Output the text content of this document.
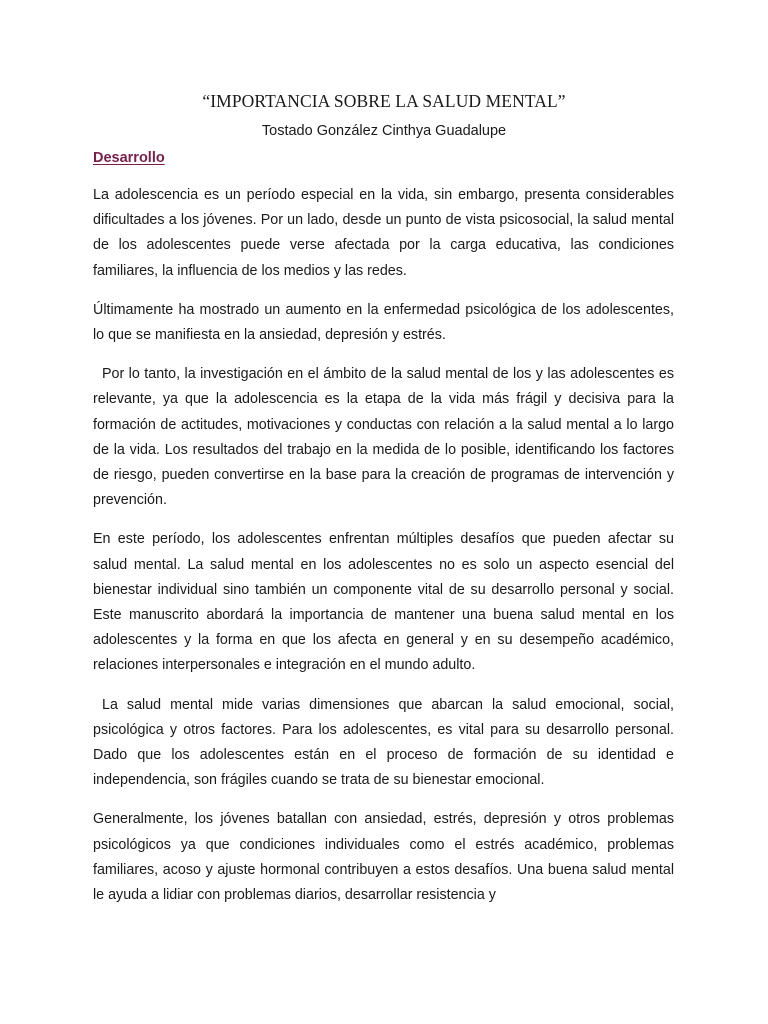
“IMPORTANCIA SOBRE LA SALUD MENTAL”

Tostado González Cinthya Guadalupe

Desarrollo

La adolescencia es un período especial en la vida, sin embargo, presenta considerables dificultades a los jóvenes. Por un lado, desde un punto de vista psicosocial, la salud mental de los adolescentes puede verse afectada por la carga educativa, las condiciones familiares, la influencia de los medios y las redes.

Últimamente ha mostrado un aumento en la enfermedad psicológica de los adolescentes, lo que se manifiesta en la ansiedad, depresión y estrés.

Por lo tanto, la investigación en el ámbito de la salud mental de los y las adolescentes es relevante, ya que la adolescencia es la etapa de la vida más frágil y decisiva para la formación de actitudes, motivaciones y conductas con relación a la salud mental a lo largo de la vida. Los resultados del trabajo en la medida de lo posible, identificando los factores de riesgo, pueden convertirse en la base para la creación de programas de intervención y prevención.

En este período, los adolescentes enfrentan múltiples desafíos que pueden afectar su salud mental. La salud mental en los adolescentes no es solo un aspecto esencial del bienestar individual sino también un componente vital de su desarrollo personal y social. Este manuscrito abordará la importancia de mantener una buena salud mental en los adolescentes y la forma en que los afecta en general y en su desempeño académico, relaciones interpersonales e integración en el mundo adulto.

La salud mental mide varias dimensiones que abarcan la salud emocional, social, psicológica y otros factores. Para los adolescentes, es vital para su desarrollo personal. Dado que los adolescentes están en el proceso de formación de su identidad e independencia, son frágiles cuando se trata de su bienestar emocional.

Generalmente, los jóvenes batallan con ansiedad, estrés, depresión y otros problemas psicológicos ya que condiciones individuales como el estrés académico, problemas familiares, acoso y ajuste hormonal contribuyen a estos desafíos. Una buena salud mental le ayuda a lidiar con problemas diarios, desarrollar resistencia y
